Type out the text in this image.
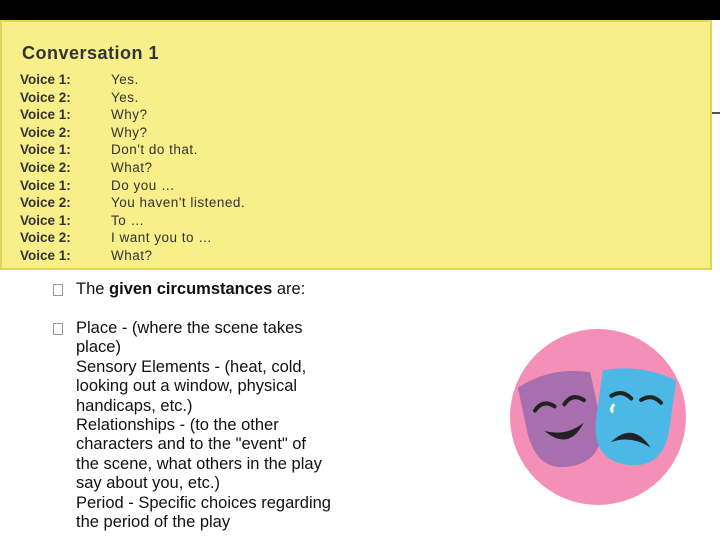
Conversation 1
Voice 1:	Yes.
Voice 2:	Yes.
Voice 1:	Why?
Voice 2:	Why?
Voice 1:	Don't do that.
Voice 2:	What?
Voice 1:	Do you …
Voice 2:	You haven't listened.
Voice 1:	To …
Voice 2:	I want you to …
Voice 1:	What?
The given circumstances are:
Place - (where the scene takes
place)
Sensory Elements - (heat, cold,
looking out a window, physical
handicaps, etc.)
Relationships - (to the other
characters and to the "event" of
the scene, what others in the play
say about you, etc.)
Period - Specific choices regarding
the period of the play
